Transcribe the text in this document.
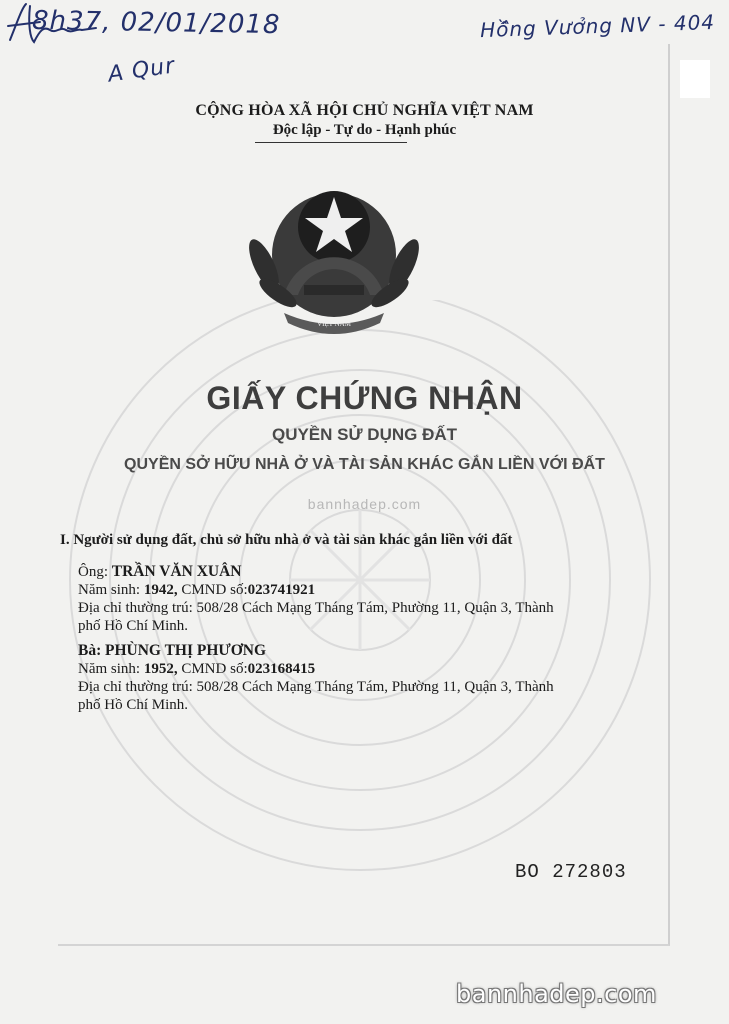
8h37, 02/01/2018	Hồ̂ng Vưởng NV - 404
A Qur
CỘNG HÒA XÃ HỘI CHỦ NGHĨA VIỆT NAM
Độc lập - Tự do - Hạnh phúc
VIỆT NAM
GIẤY CHỨNG NHẬN
QUYỀN SỬ DỤNG ĐẤT
QUYỀN SỞ HỮU NHÀ Ở VÀ TÀI SẢN KHÁC GẮN LIỀN VỚI ĐẤT
bannhadep.com
I. Người sử dụng đất, chủ sở hữu nhà ở và tài sản khác gắn liền với đất
Ông: TRẦN VĂN XUÂN
Năm sinh: 1942, CMND số:023741921
Địa chỉ thường trú: 508/28 Cách Mạng Tháng Tám, Phường 11, Quận 3, Thành
phố Hồ Chí Minh.
Bà: PHÙNG THỊ PHƯƠNG
Năm sinh: 1952, CMND số:023168415
Địa chỉ thường trú: 508/28 Cách Mạng Tháng Tám, Phường 11, Quận 3, Thành
phố Hồ Chí Minh.
BO 272803
bannhadep.com
